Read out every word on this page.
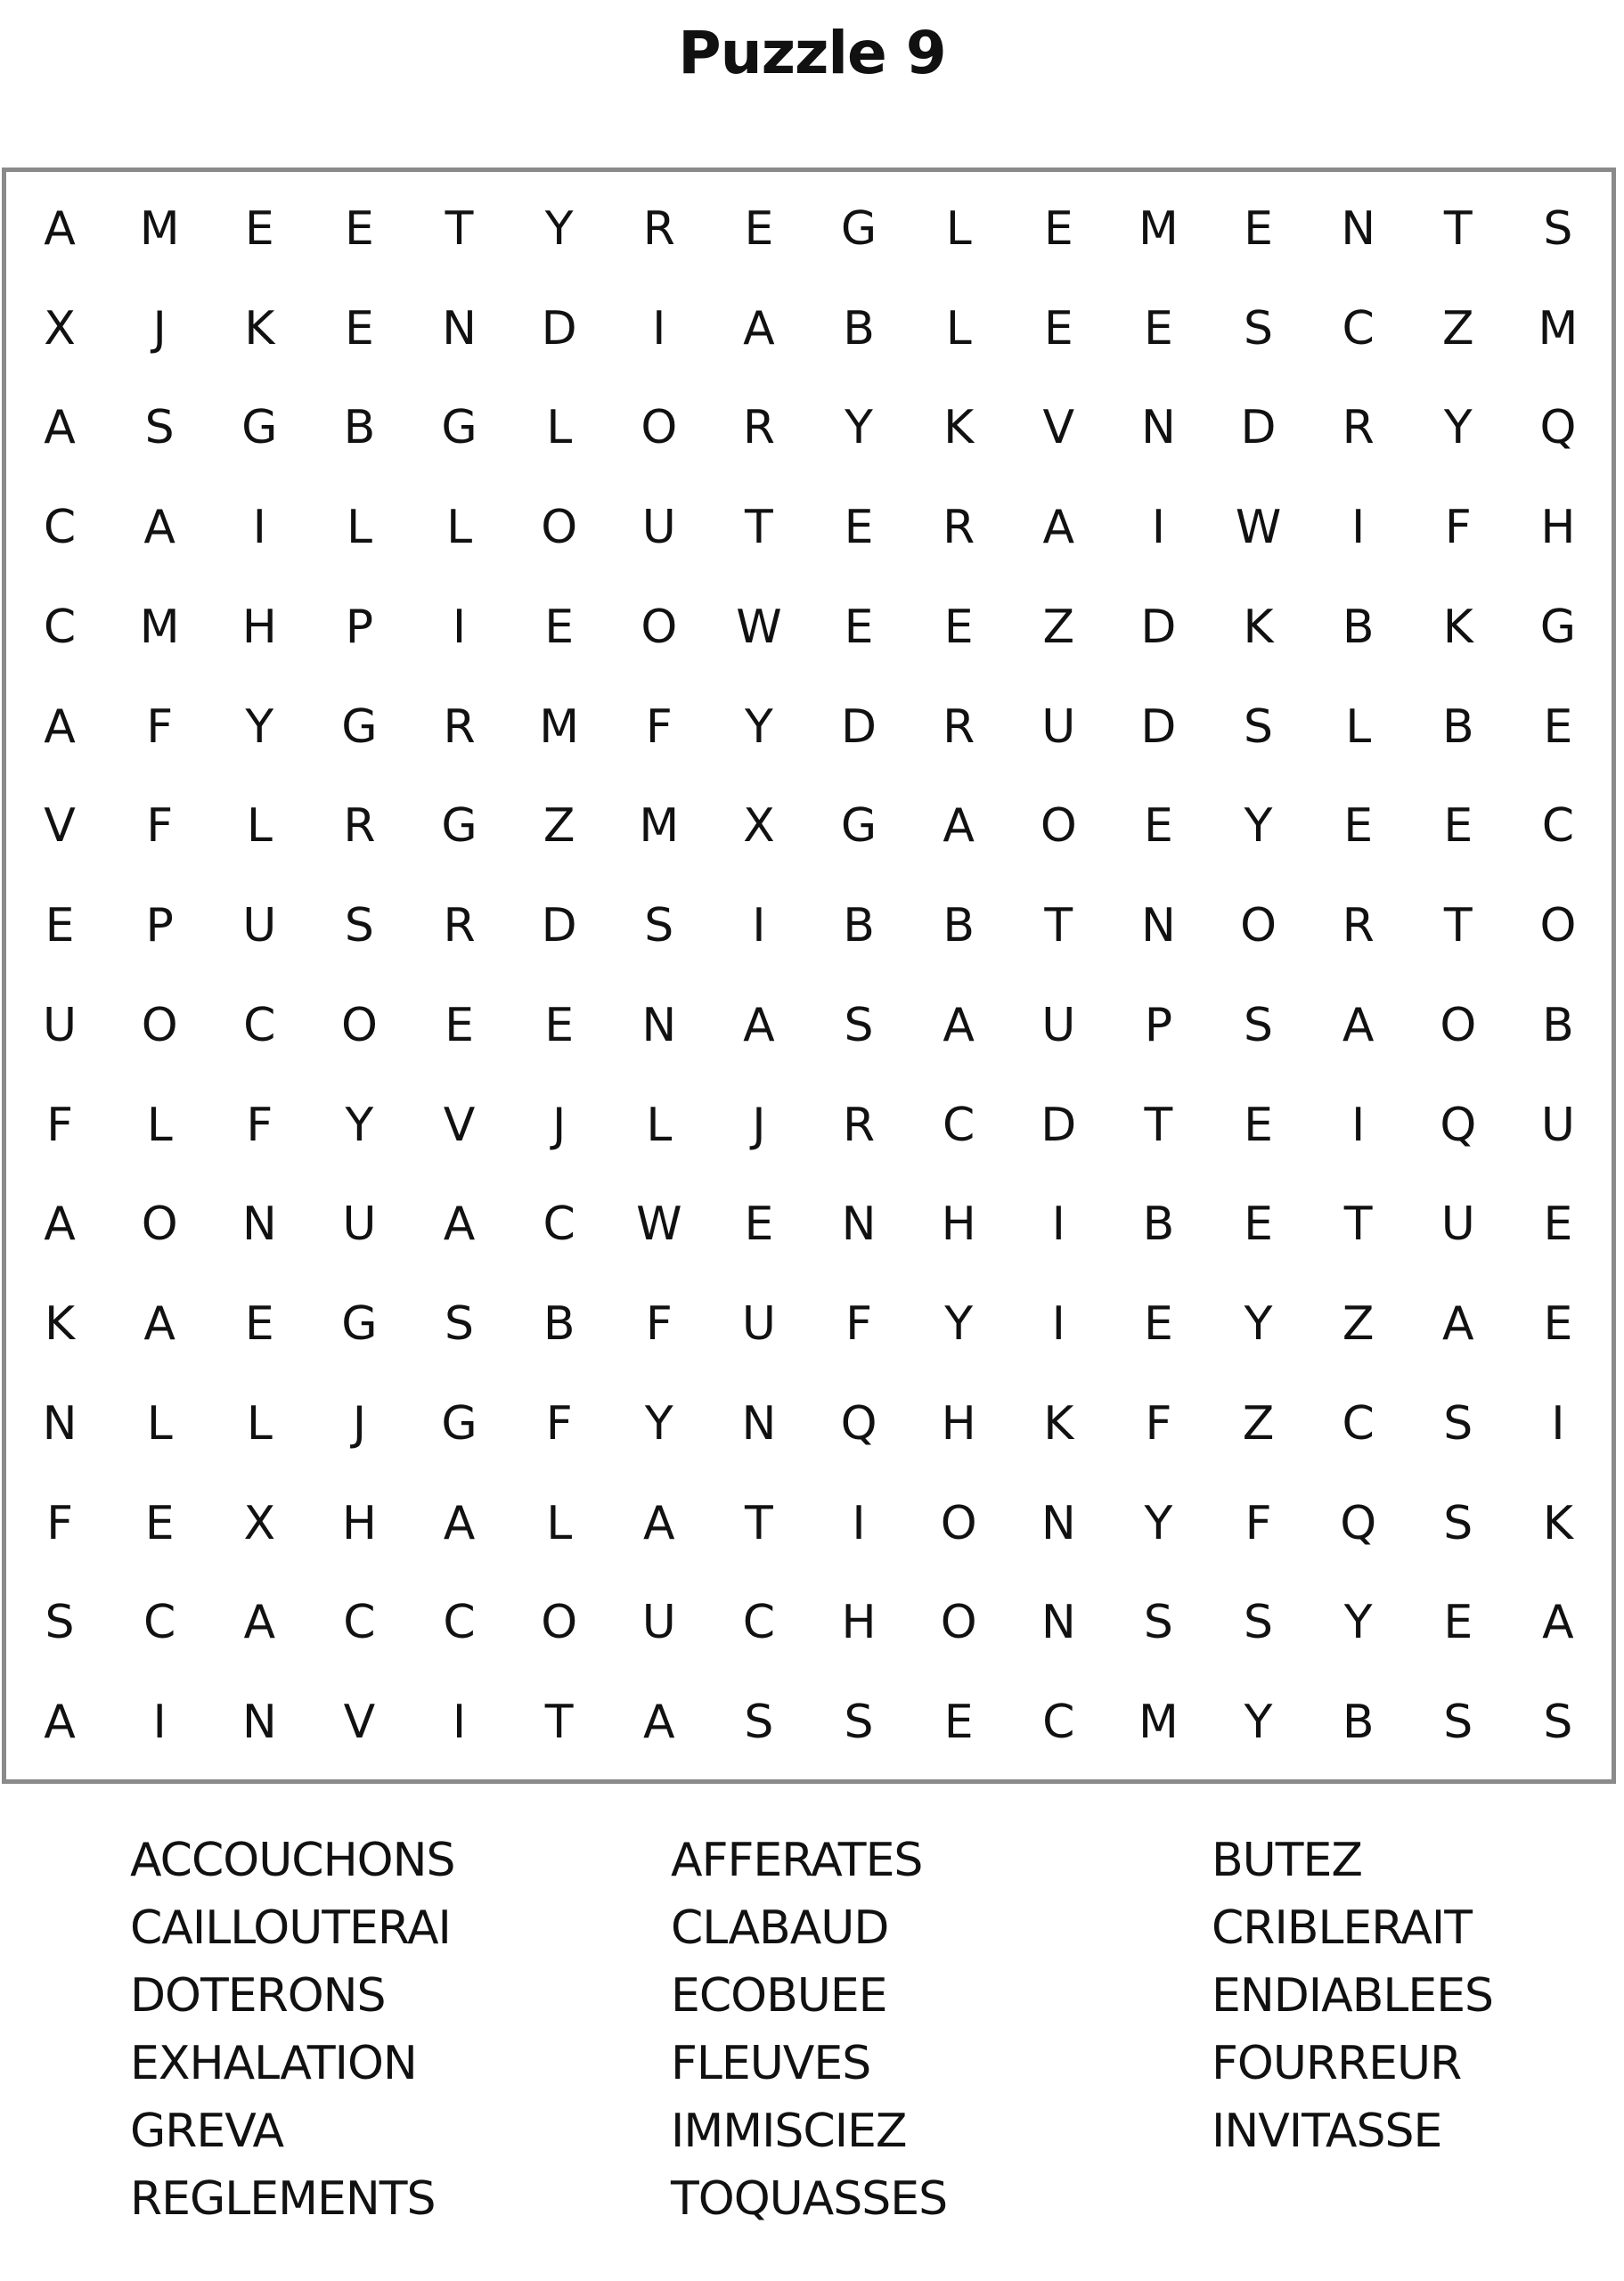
Puzzle 9
A	M	E	E	T	Y	R	E	G	L	E	M	E	N	T	S
X	J	K	E	N	D	I	A	B	L	E	E	S	C	Z	M
A	S	G	B	G	L	O	R	Y	K	V	N	D	R	Y	Q
C	A	I	L	L	O	U	T	E	R	A	I	W	I	F	H
C	M	H	P	I	E	O	W	E	E	Z	D	K	B	K	G
A	F	Y	G	R	M	F	Y	D	R	U	D	S	L	B	E
V	F	L	R	G	Z	M	X	G	A	O	E	Y	E	E	C
E	P	U	S	R	D	S	I	B	B	T	N	O	R	T	O
U	O	C	O	E	E	N	A	S	A	U	P	S	A	O	B
F	L	F	Y	V	J	L	J	R	C	D	T	E	I	Q	U
A	O	N	U	A	C	W	E	N	H	I	B	E	T	U	E
K	A	E	G	S	B	F	U	F	Y	I	E	Y	Z	A	E
N	L	L	J	G	F	Y	N	Q	H	K	F	Z	C	S	I
F	E	X	H	A	L	A	T	I	O	N	Y	F	Q	S	K
S	C	A	C	C	O	U	C	H	O	N	S	S	Y	E	A
A	I	N	V	I	T	A	S	S	E	C	M	Y	B	S	S
ACCOUCHONS
CAILLOUTERAI
DOTERONS
EXHALATION
GREVA
REGLEMENTS
AFFERATES
CLABAUD
ECOBUEE
FLEUVES
IMMISCIEZ
TOQUASSES
BUTEZ
CRIBLERAIT
ENDIABLEES
FOURREUR
INVITASSE
